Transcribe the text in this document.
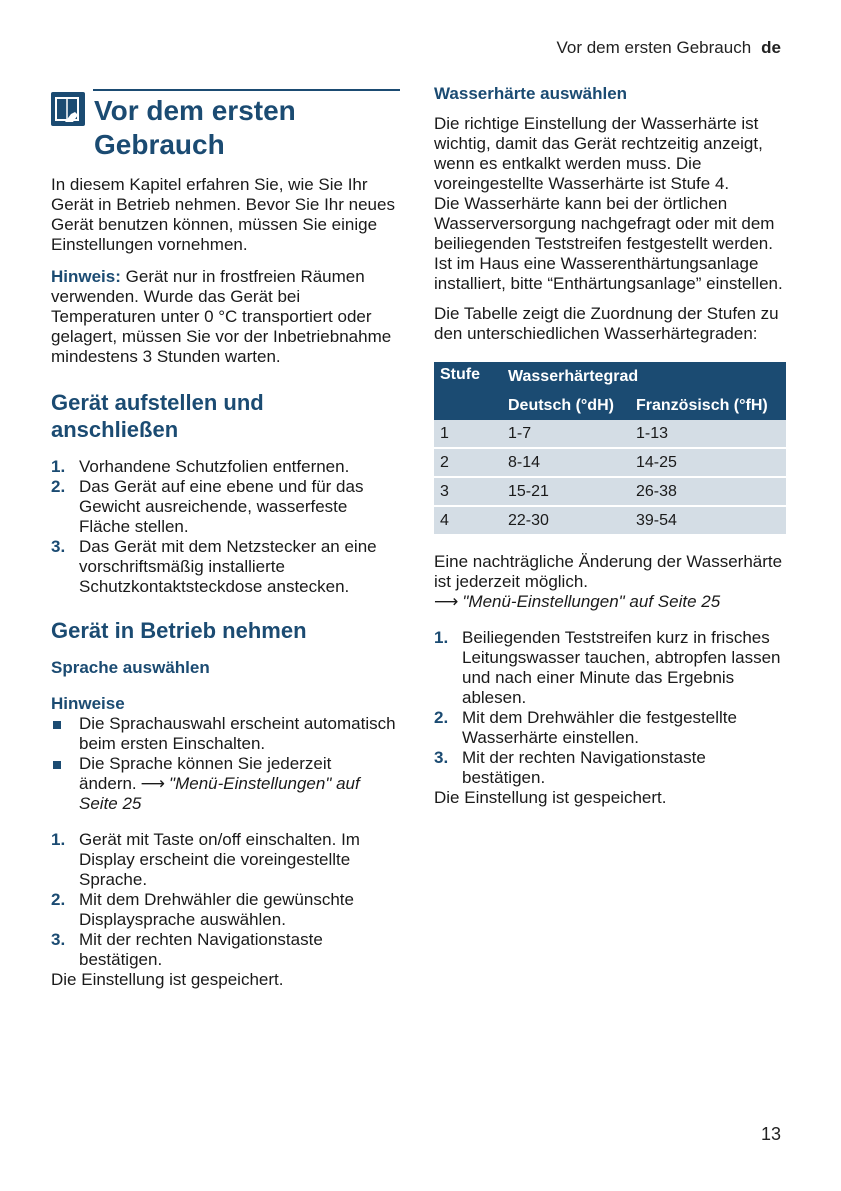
Vor dem ersten Gebrauch de
Vor dem ersten
Gebrauch

In diesem Kapitel erfahren Sie, wie Sie Ihr Gerät in Betrieb nehmen. Bevor Sie Ihr neues Gerät benutzen können, müssen Sie einige Einstellungen vornehmen.

Hinweis: Gerät nur in frostfreien Räumen verwenden. Wurde das Gerät bei Temperaturen unter 0 °C transportiert oder gelagert, müssen Sie vor der Inbetriebnahme mindestens 3 Stunden warten.

Gerät aufstellen und anschließen
1. Vorhandene Schutzfolien entfernen.
2. Das Gerät auf eine ebene und für das Gewicht ausreichende, wasserfeste Fläche stellen.
3. Das Gerät mit dem Netzstecker an eine vorschriftsmäßig installierte Schutzkontaktsteckdose anstecken.
Gerät in Betrieb nehmen
Sprache auswählen
Hinweise
Die Sprachauswahl erscheint automatisch beim ersten Einschalten.
Die Sprache können Sie jederzeit ändern. ⟶ "Menü-Einstellungen" auf Seite 25
1. Gerät mit Taste on/off einschalten. Im Display erscheint die voreingestellte Sprache.
2. Mit dem Drehwähler die gewünschte Displaysprache auswählen.
3. Mit der rechten Navigationstaste bestätigen.

Die Einstellung ist gespeichert.

Wasserhärte auswählen

Die richtige Einstellung der Wasserhärte ist wichtig, damit das Gerät rechtzeitig anzeigt, wenn es entkalkt werden muss. Die voreingestellte Wasserhärte ist Stufe 4.

Die Wasserhärte kann bei der örtlichen Wasserversorgung nachgefragt oder mit dem beiliegenden Teststreifen festgestellt werden.

Ist im Haus eine Wasserenthärtungsanlage installiert, bitte “Enthärtungsanlage” einstellen.

Die Tabelle zeigt die Zuordnung der Stufen zu den unterschiedlichen Wasserhärtegraden:

Stufe	Wasserhärtegrad	
	Deutsch (°dH)	Französisch (°fH)
1	1-7	1-13
2	8-14	14-25
3	15-21	26-38
4	22-30	39-54

Eine nachträgliche Änderung der Wasserhärte ist jederzeit möglich.
⟶ "Menü-Einstellungen" auf Seite 25

1. Beiliegenden Teststreifen kurz in frisches Leitungswasser tauchen, abtropfen lassen und nach einer Minute das Ergebnis ablesen.
2. Mit dem Drehwähler die festgestellte Wasserhärte einstellen.
3. Mit der rechten Navigationstaste bestätigen.

Die Einstellung ist gespeichert.

13
